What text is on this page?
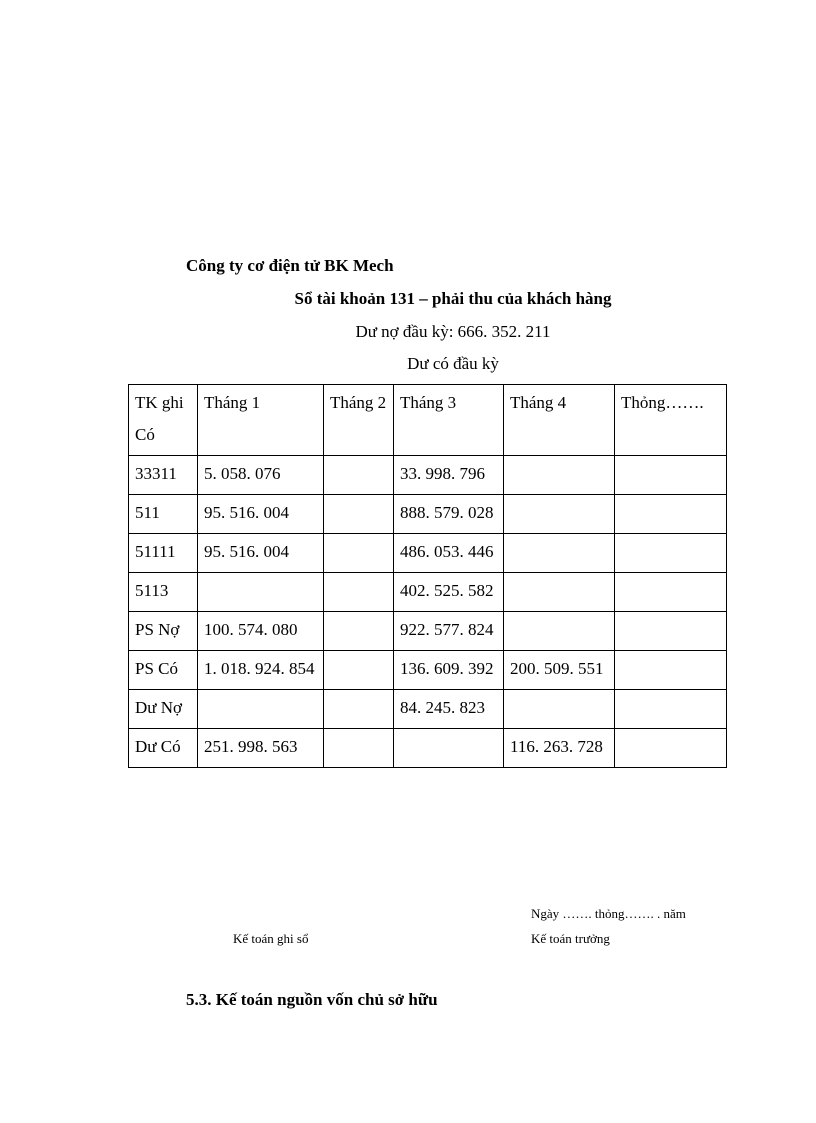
Công ty cơ điện tử BK Mech
Sổ tài khoản 131 – phải thu của khách hàng
Dư nợ đầu kỳ: 666. 352. 211
Dư có đầu kỳ
TK ghi Có	Tháng 1	Tháng 2	Tháng 3	Tháng 4	Thỏng…….
33311	5. 058. 076		33. 998. 796		
511	95. 516. 004		888. 579. 028		
51111	95. 516. 004		486. 053. 446		
5113			402. 525. 582		
PS Nợ	100. 574. 080		922. 577. 824		
PS Có	1. 018. 924. 854		136. 609. 392	200. 509. 551	
Dư Nợ			84. 245. 823		
Dư Có	251. 998. 563			116. 263. 728	
Ngày ……. thỏng……. . năm
Kế toán ghi sổ	Kế toán trưởng
5.3. Kế toán nguồn vốn chủ sở hữu
